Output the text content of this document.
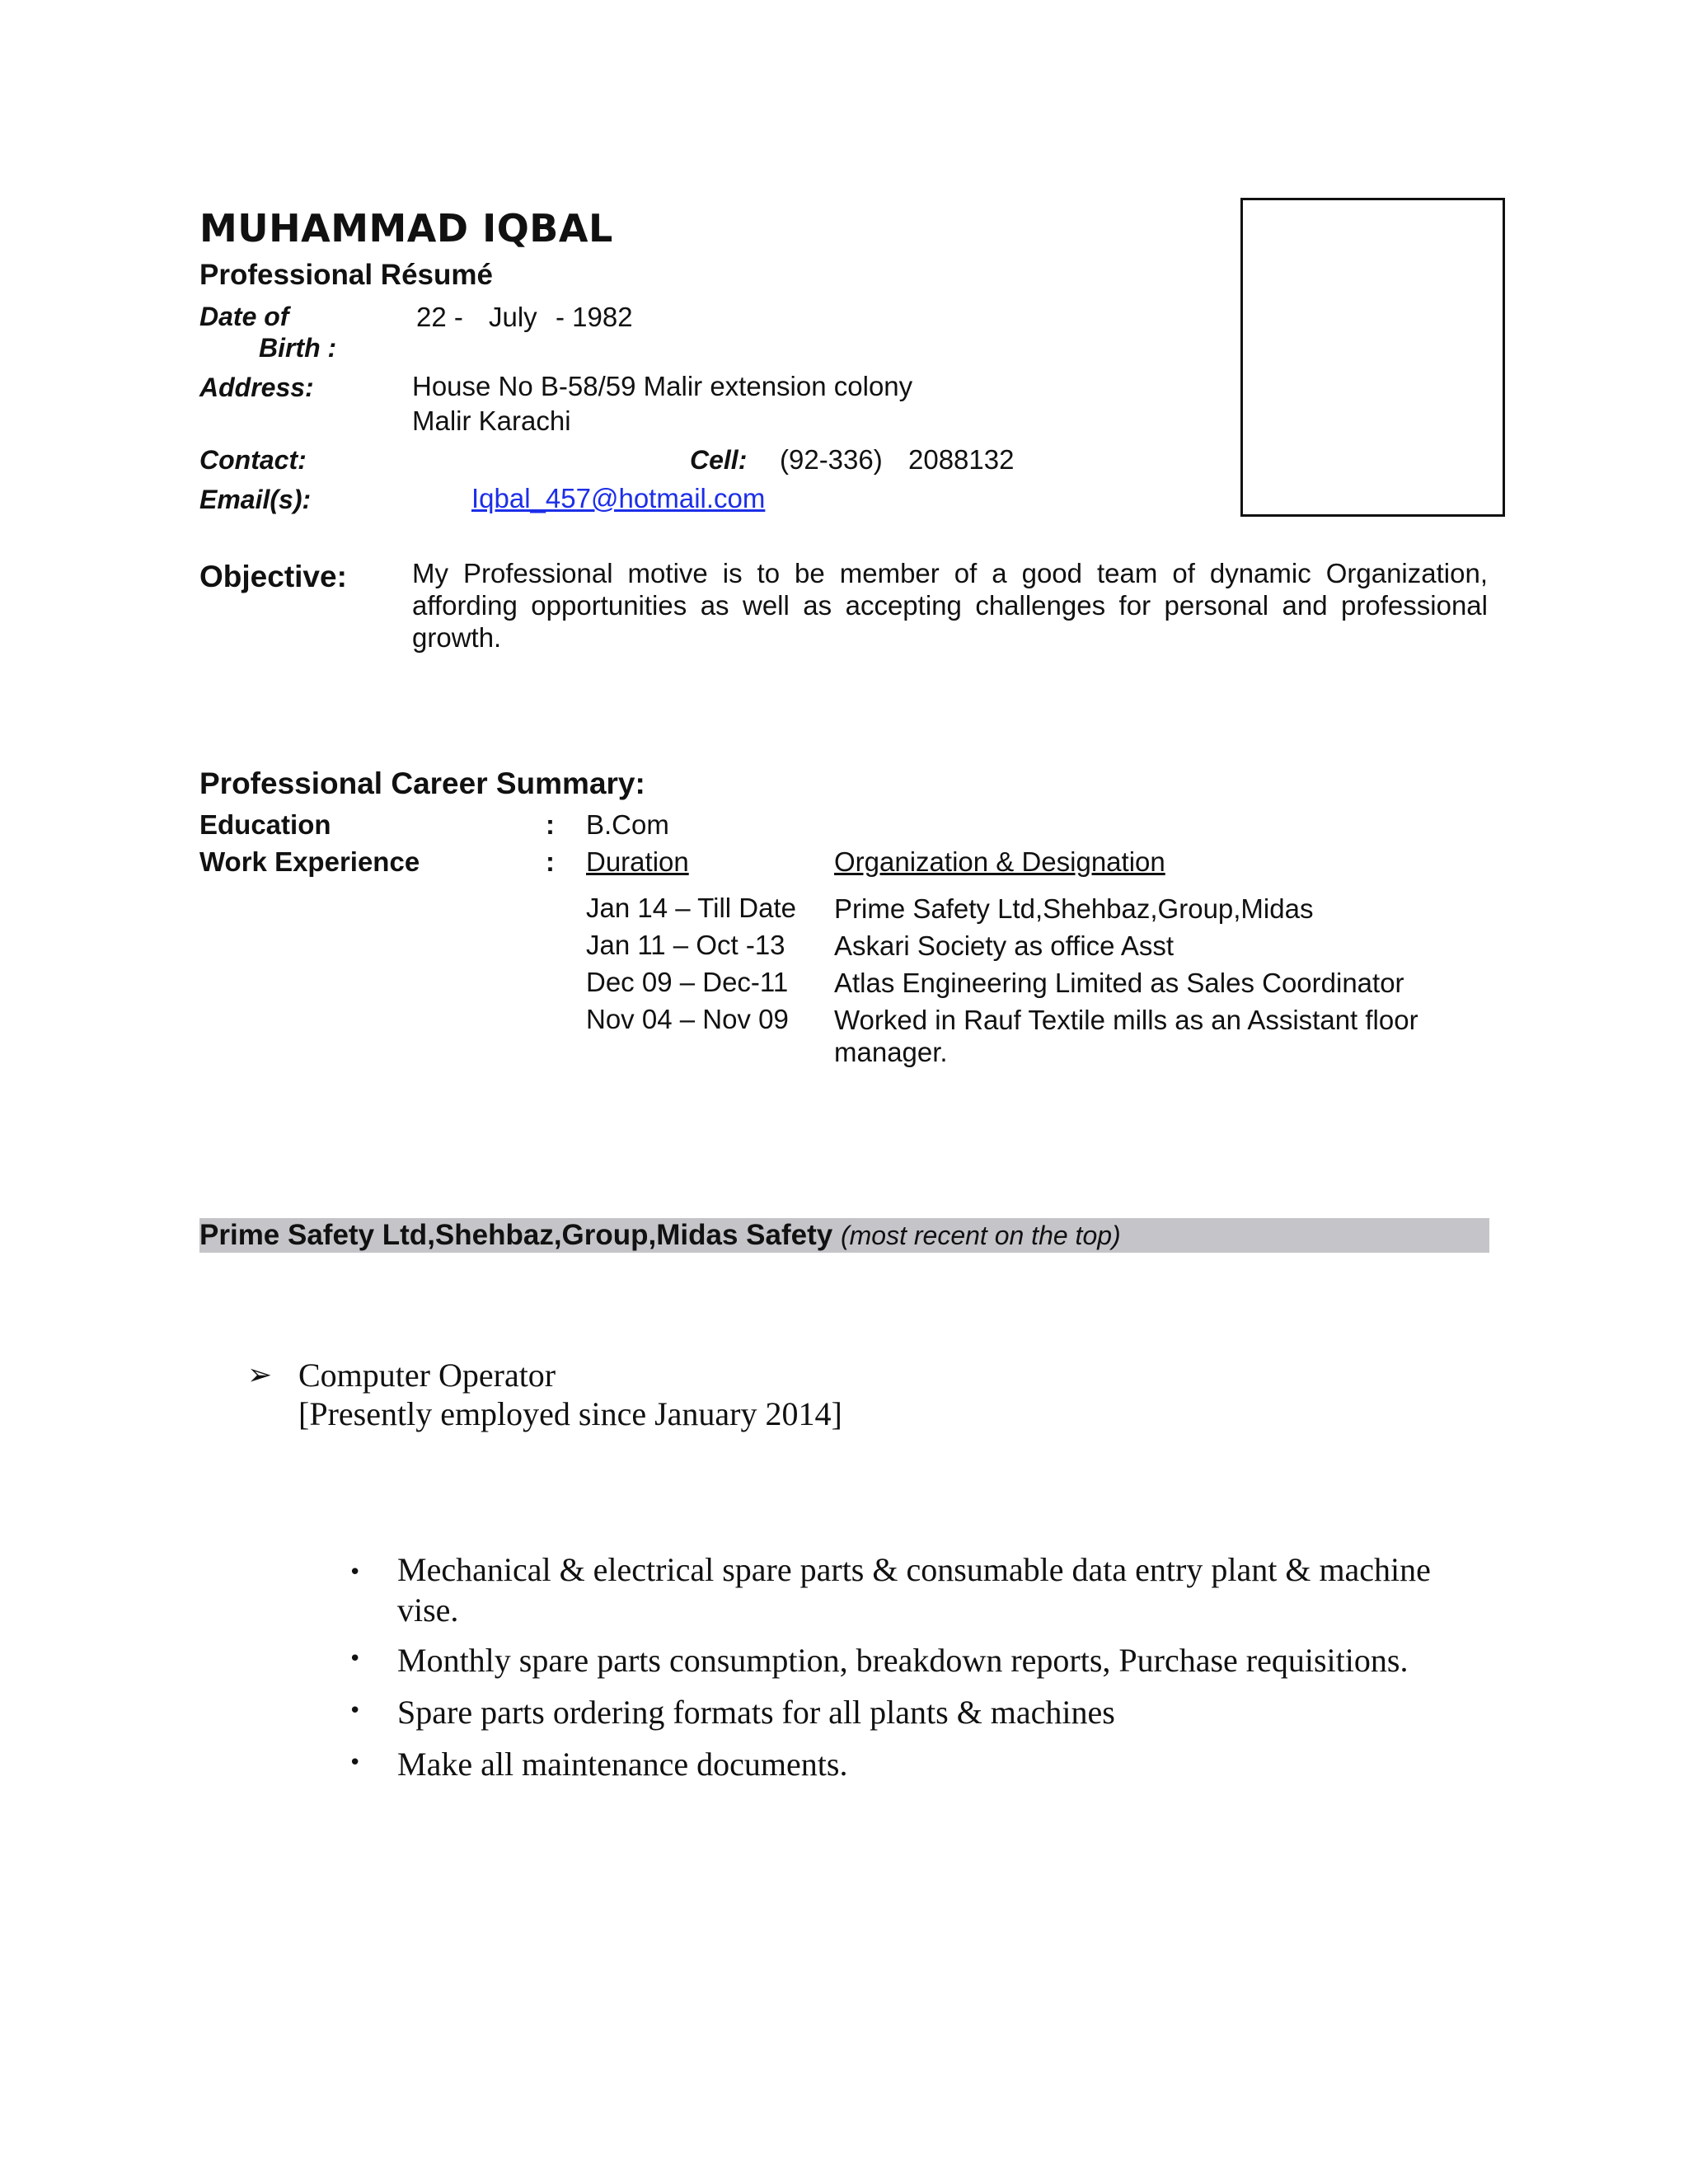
MUHAMMAD IQBAL
Professional Résumé
Date of
Birth :
22 - July - 1982
Address:	House No B-58/59 Malir extension colony
Malir Karachi
Contact:	Cell: (92-336) 2088132
Email(s):	Iqbal_457@hotmail.com
Objective: My Professional motive is to be member of a good team of dynamic Organization, affording opportunities as well as accepting challenges for personal and professional growth.
Professional Career Summary:
Education	: B.Com
Work Experience	: Duration	Organization & Designation
Jan 14 – Till Date Prime Safety Ltd,Shehbaz,Group,Midas
Jan 11 – Oct -13 Askari Society as office Asst
Dec 09 – Dec-11 Atlas Engineering Limited as Sales Coordinator
Nov 04 – Nov 09 Worked in Rauf Textile mills as an Assistant floor manager.
Prime Safety Ltd,Shehbaz,Group,Midas Safety (most recent on the top)
➢ Computer Operator
[Presently employed since January 2014]
• Mechanical & electrical spare parts & consumable data entry plant & machine vise.
• Monthly spare parts consumption, breakdown reports, Purchase requisitions.
• Spare parts ordering formats for all plants & machines
• Make all maintenance documents.
